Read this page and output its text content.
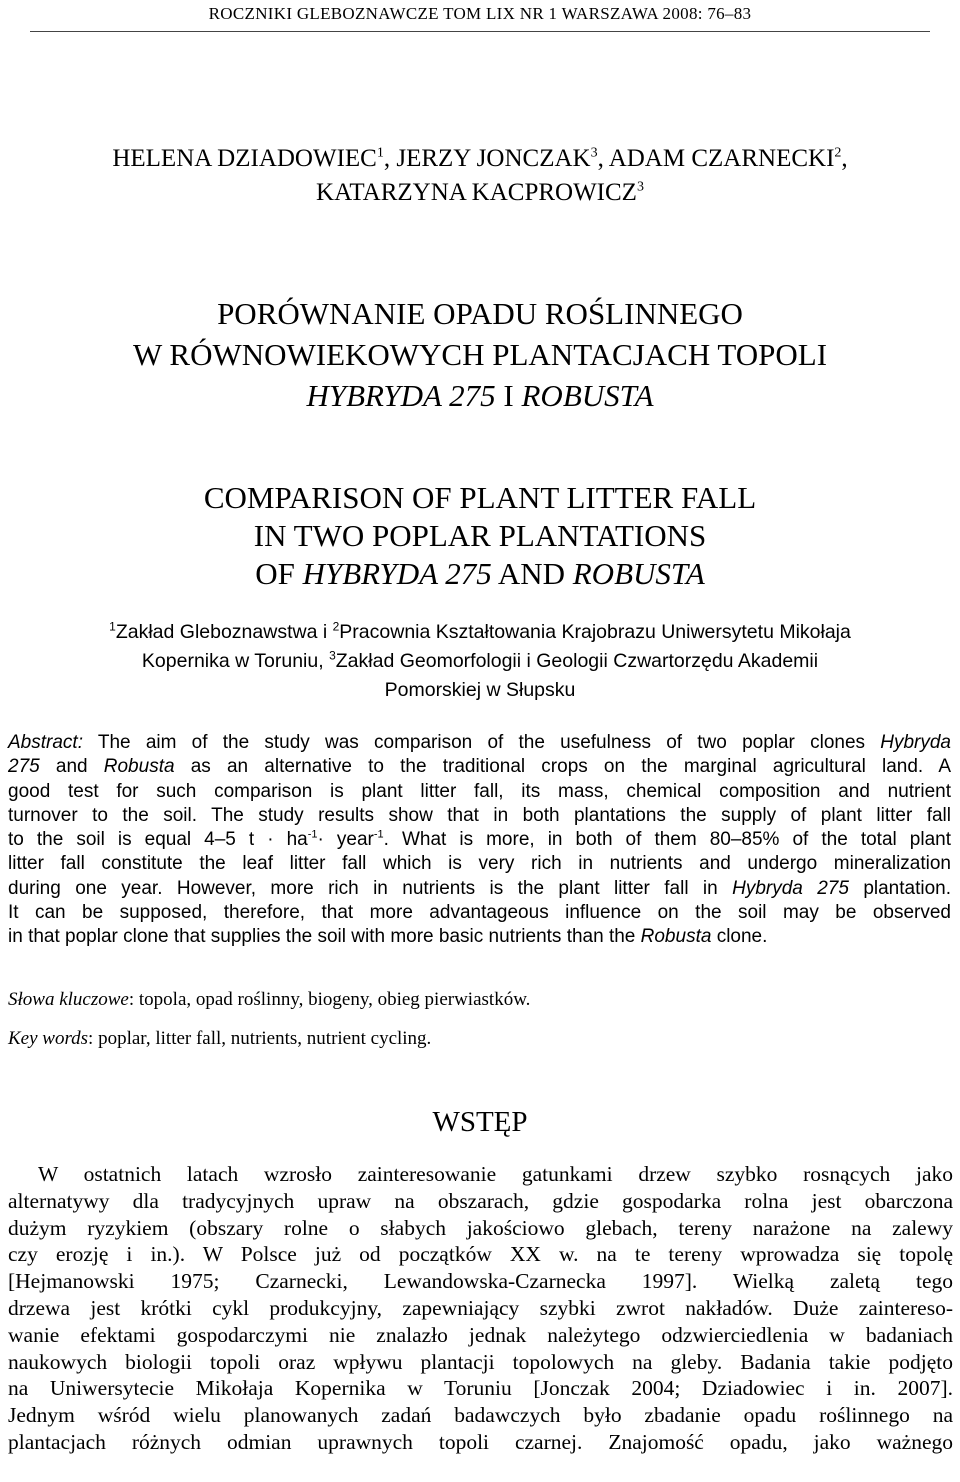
ROCZNIKI GLEBOZNAWCZE TOM LIX NR 1 WARSZAWA 2008: 76–83
HELENA DZIADOWIEC$^1$, JERZY JONCZAK$^3$, ADAM CZARNECKI$^2$,
KATARZYNA KACPROWICZ$^3$
PORÓWNANIE OPADU ROŚLINNEGO
W RÓWNOWIEKOWYCH PLANTACJACH TOPOLI
HYBRYDA 275 I ROBUSTA
COMPARISON OF PLANT LITTER FALL
IN TWO POPLAR PLANTATIONS
OF HYBRYDA 275 AND ROBUSTA
$^1$Zakład Gleboznawstwa i $^2$Pracownia Kształtowania Krajobrazu Uniwersytetu Mikołaja
Kopernika w Toruniu, $^3$Zakład Geomorfologii i Geologii Czwartorzędu Akademii
Pomorskiej w Słupsku
Abstract: The aim of the study was comparison of the usefulness of two poplar clones Hybryda
275 and Robusta as an alternative to the traditional crops on the marginal agricultural land. A
good test for such comparison is plant litter fall, its mass, chemical composition and nutrient
turnover to the soil. The study results show that in both plantations the supply of plant litter fall
to the soil is equal 4–5 $t \cdot ha^{-1}\cdot$ year$^{-1}$. What is more, in both of them 80–85% of the total plant
litter fall constitute the leaf litter fall which is very rich in nutrients and undergo mineralization
during one year. However, more rich in nutrients is the plant litter fall in Hybryda 275 plantation.
It can be supposed, therefore, that more advantageous influence on the soil may be observed
in that poplar clone that supplies the soil with more basic nutrients than the Robusta clone.
Słowa kluczowe: topola, opad roślinny, biogeny, obieg pierwiastków.
Key words: poplar, litter fall, nutrients, nutrient cycling.
WSTĘP
W ostatnich latach wzrosło zainteresowanie gatunkami drzew szybko rosnących jako
alternatywy dla tradycyjnych upraw na obszarach, gdzie gospodarka rolna jest obarczona
dużym ryzykiem (obszary rolne o słabych jakościowo glebach, tereny narażone na zalewy
czy erozję i in.). W Polsce już od początków XX w. na te tereny wprowadza się topolę
[Hejmanowski 1975; Czarnecki, Lewandowska-Czarnecka 1997]. Wielką zaletą tego
drzewa jest krótki cykl produkcyjny, zapewniający szybki zwrot nakładów. Duże zaintereso-
wanie efektami gospodarczymi nie znalazło jednak należytego odzwierciedlenia w badaniach
naukowych biologii topoli oraz wpływu plantacji topolowych na gleby. Badania takie podjęto
na Uniwersytecie Mikołaja Kopernika w Toruniu [Jonczak 2004; Dziadowiec i in. 2007].
Jednym wśród wielu planowanych zadań badawczych było zbadanie opadu roślinnego na
plantacjach różnych odmian uprawnych topoli czarnej. Znajomość opadu, jako ważnego
